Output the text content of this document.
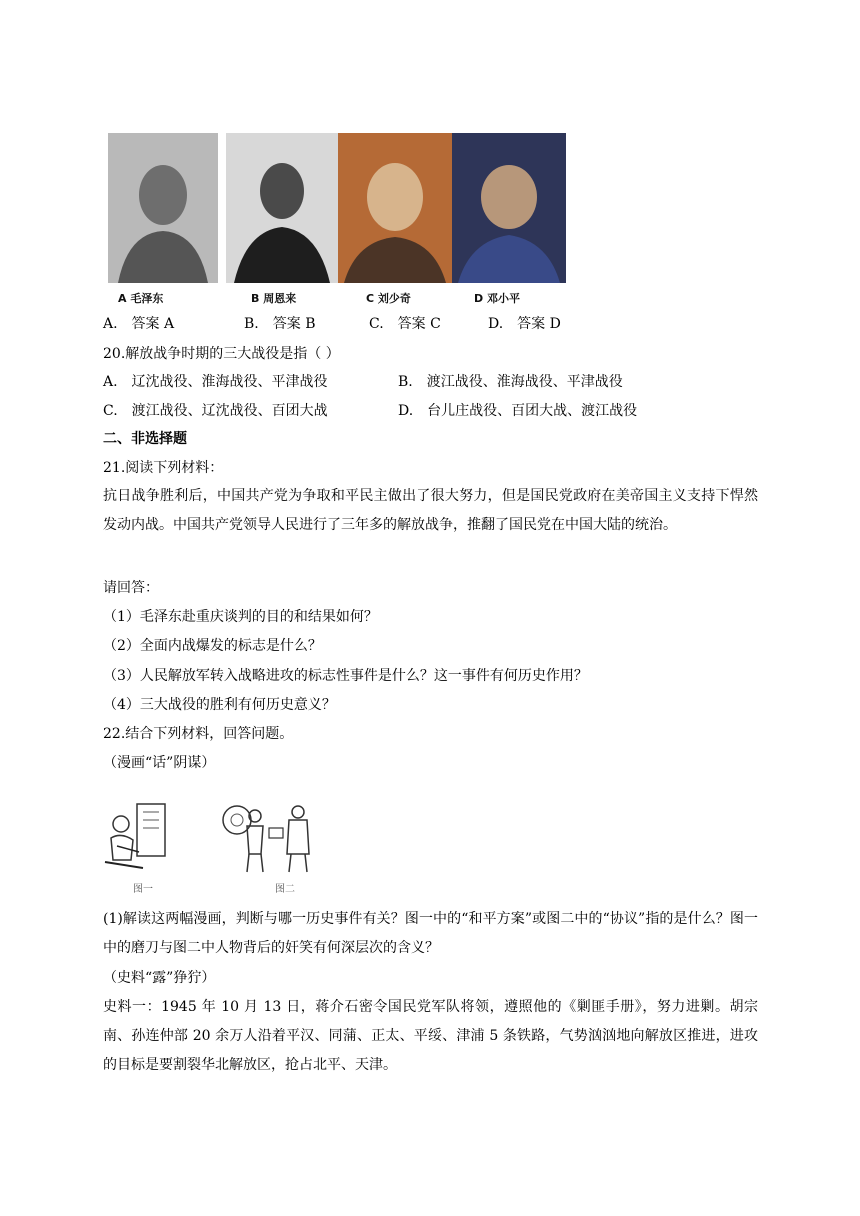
A 毛泽东	B 周恩来	C 刘少奇	D 邓小平
A.　答案 A	B.　答案 B	C.　答案 C	D.　答案 D
20.解放战争时期的三大战役是指（ ）
A.　辽沈战役、淮海战役、平津战役	B.　渡江战役、淮海战役、平津战役
C.　渡江战役、辽沈战役、百团大战	D.　台儿庄战役、百团大战、渡江战役
二、非选择题
21.阅读下列材料：
抗日战争胜利后，中国共产党为争取和平民主做出了很大努力，但是国民党政府在美帝国主义支持下悍然发动内战。中国共产党领导人民进行了三年多的解放战争，推翻了国民党在中国大陆的统治。
请回答：
（1）毛泽东赴重庆谈判的目的和结果如何？
（2）全面内战爆发的标志是什么？
（3）人民解放军转入战略进攻的标志性事件是什么？这一事件有何历史作用？
（4）三大战役的胜利有何历史意义？
22.结合下列材料，回答问题。
（漫画“话”阴谋）
图一	图二
(1)解读这两幅漫画，判断与哪一历史事件有关？图一中的“和平方案”或图二中的“协议”指的是什么？图一中的磨刀与图二中人物背后的奸笑有何深层次的含义？
（史料“露”狰狞）
史料一：1945 年 10 月 13 日，蒋介石密令国民党军队将领，遵照他的《剿匪手册》，努力进剿。胡宗南、孙连仲部 20 余万人沿着平汉、同蒲、正太、平绥、津浦 5 条铁路，气势汹汹地向解放区推进，进攻的目标是要割裂华北解放区，抢占北平、天津。
